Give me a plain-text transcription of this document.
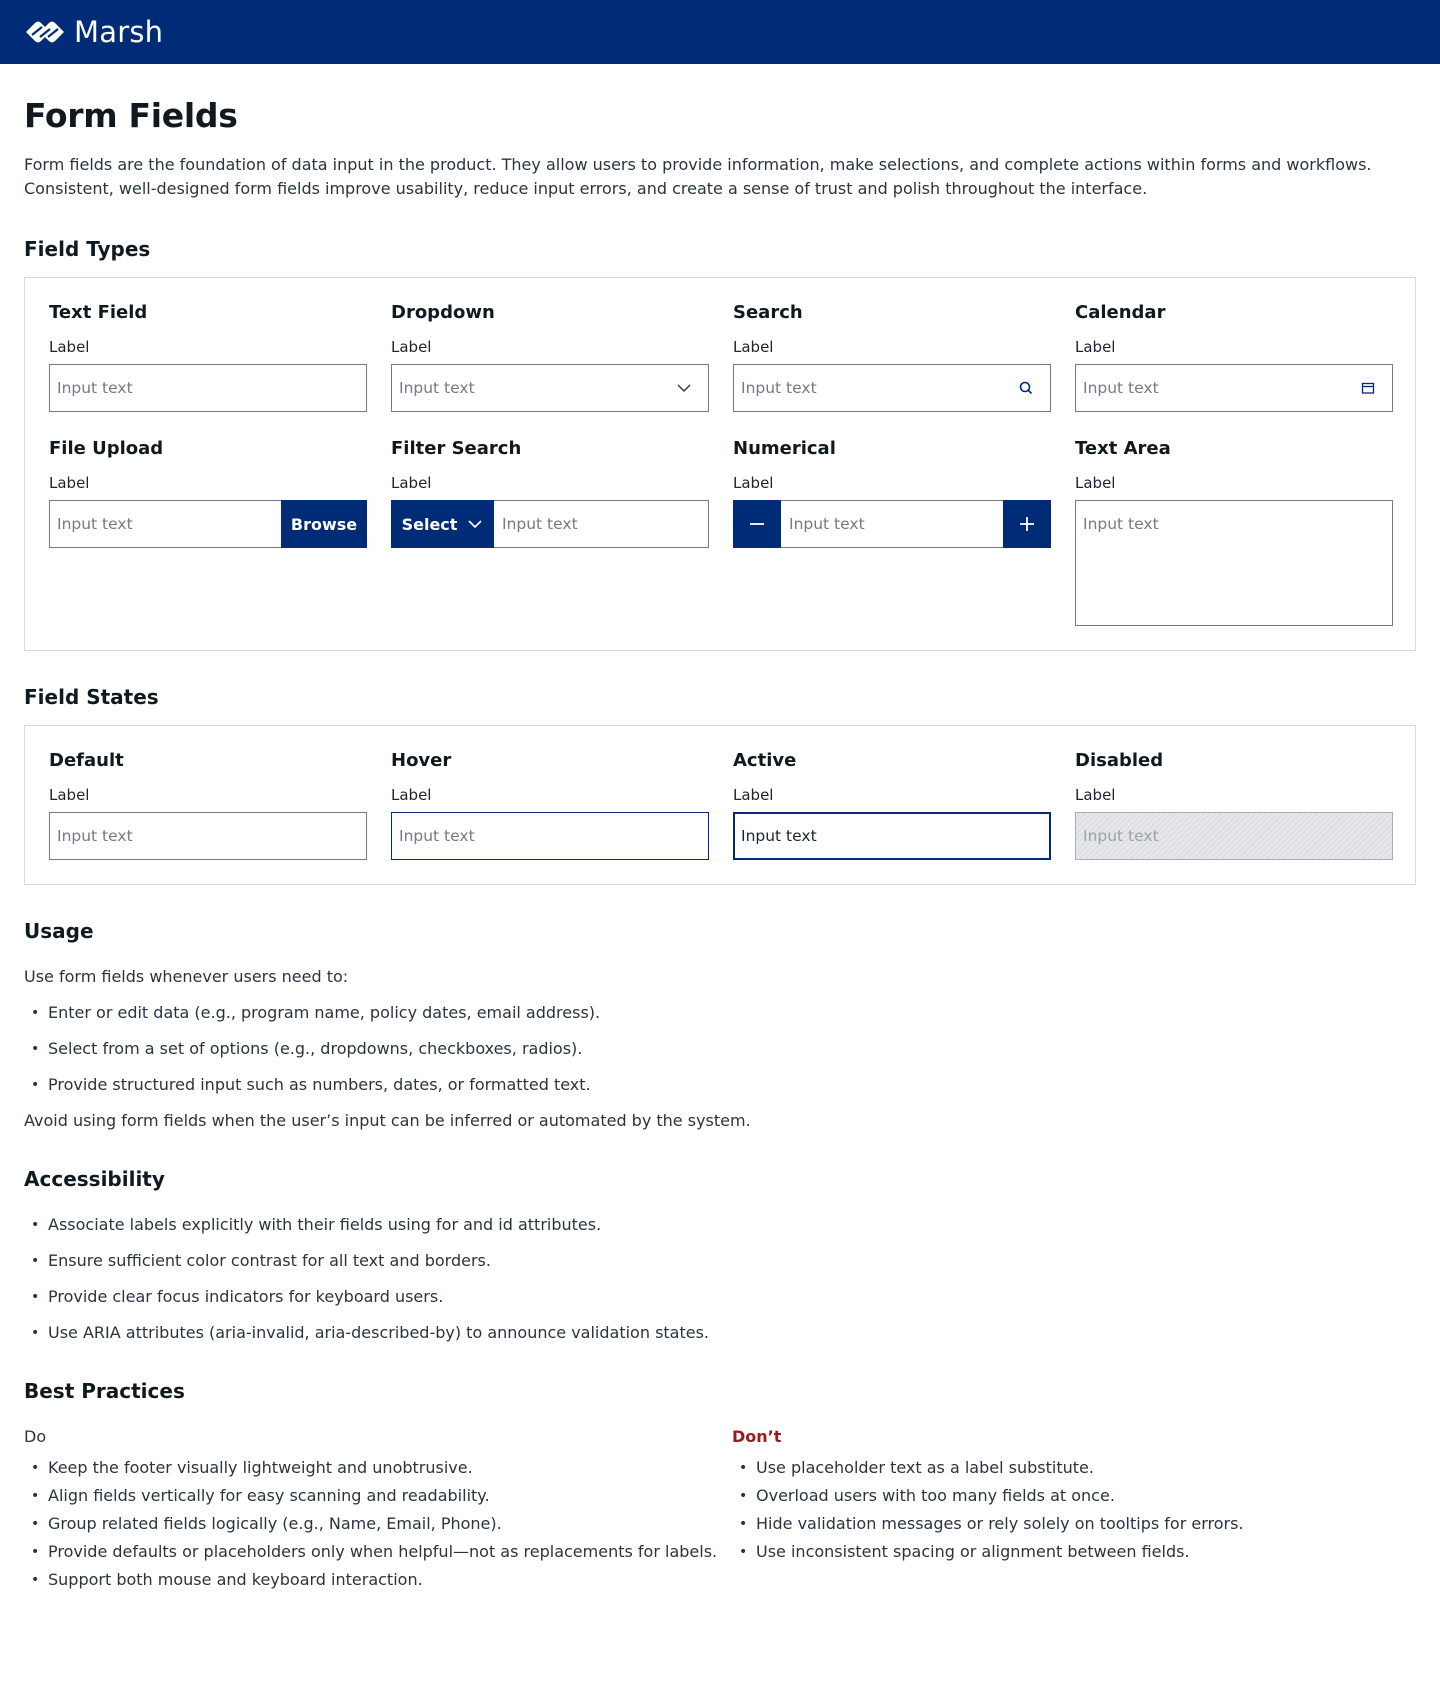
Marsh
Form Fields

Form fields are the foundation of data input in the product. They allow users to provide information, make selections, and complete actions within forms and workflows. Consistent, well-designed form fields improve usability, reduce input errors, and create a sense of trust and polish throughout the interface.

Field Types
Text Field
Label
Input text
Dropdown
Label
Input text
Search
Label
Input text
Calendar
Label
Input text
File Upload
Label
Input text	Browse
Filter Search
Label
Select	Input text
Numerical
Label
Input text
Text Area
Label
Input text
Field States
Default
Label
Input text
Hover
Label
Input text
Active
Label
Input text
Disabled
Label
Input text
Usage

Use form fields whenever users need to:

• Enter or edit data (e.g., program name, policy dates, email address).
• Select from a set of options (e.g., dropdowns, checkboxes, radios).
• Provide structured input such as numbers, dates, or formatted text.

Avoid using form fields when the user’s input can be inferred or automated by the system.

Accessibility
• Associate labels explicitly with their fields using for and id attributes.
• Ensure sufficient color contrast for all text and borders.
• Provide clear focus indicators for keyboard users.
• Use ARIA attributes (aria-invalid, aria-described-by) to announce validation states.
Best Practices
Do
• Keep the footer visually lightweight and unobtrusive.
• Align fields vertically for easy scanning and readability.
• Group related fields logically (e.g., Name, Email, Phone).
• Provide defaults or placeholders only when helpful—not as replacements for labels.
• Support both mouse and keyboard interaction.
Don’t
• Use placeholder text as a label substitute.
• Overload users with too many fields at once.
• Hide validation messages or rely solely on tooltips for errors.
• Use inconsistent spacing or alignment between fields.
